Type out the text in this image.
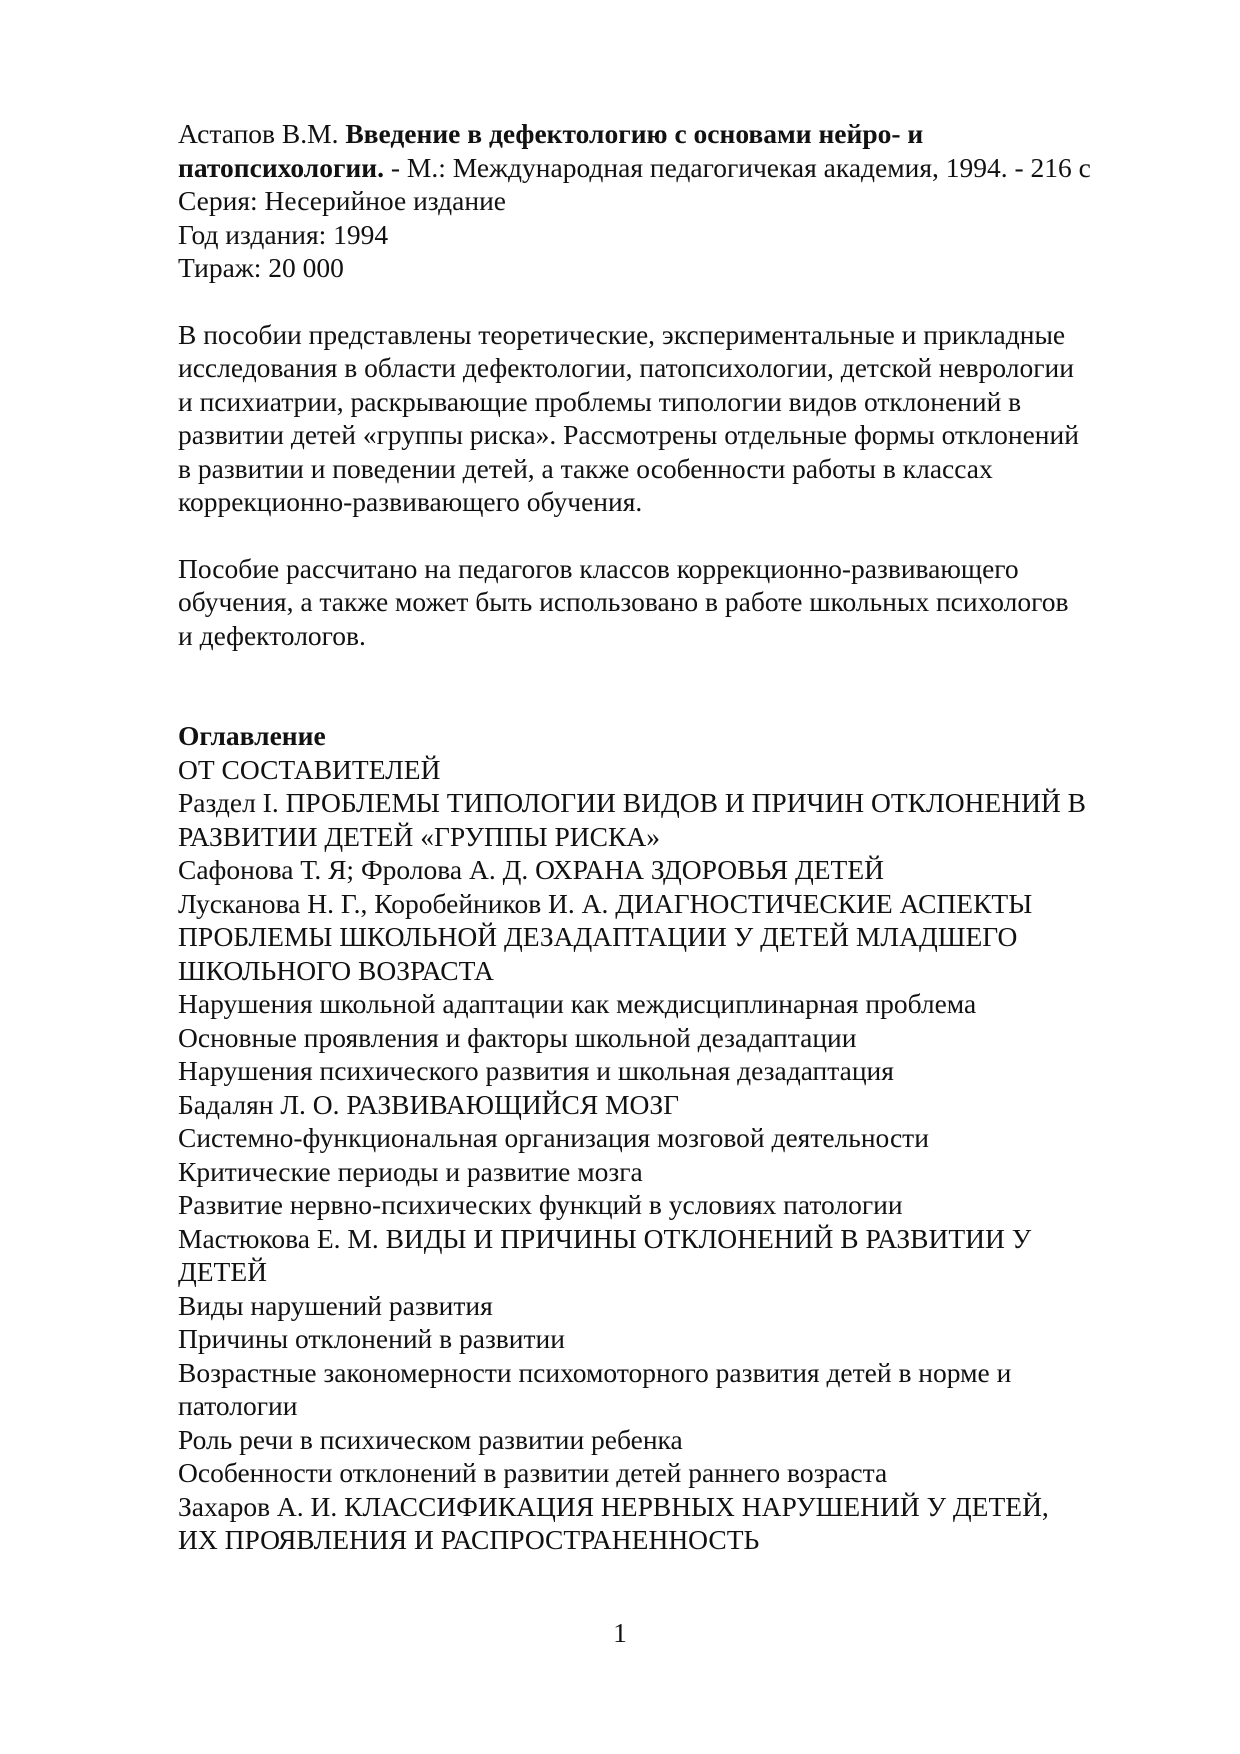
Астапов В.М. Введение в дефектологию с основами нейро- и
патопсихологии. - М.: Международная педагогичекая академия, 1994. - 216 с
Серия: Несерийное издание
Год издания: 1994
Тираж: 20 000
В пособии представлены теоретические, экспериментальные и прикладные
исследования в области дефектологии, патопсихологии, детской неврологии
и психиатрии, раскрывающие проблемы типологии видов отклонений в
развитии детей «группы риска». Рассмотрены отдельные формы отклонений
в развитии и поведении детей, а также особенности работы в классах
коррекционно-развивающего обучения.
Пособие рассчитано на педагогов классов коррекционно-развивающего
обучения, а также может быть использовано в работе школьных психологов
и дефектологов.
Оглавление
ОТ СОСТАВИТЕЛЕЙ
Раздел I. ПРОБЛЕМЫ ТИПОЛОГИИ ВИДОВ И ПРИЧИН ОТКЛОНЕНИЙ В
РАЗВИТИИ ДЕТЕЙ «ГРУППЫ РИСКА»
Сафонова Т. Я; Фролова А. Д. ОХРАНА ЗДОРОВЬЯ ДЕТЕЙ
Лусканова Н. Г., Коробейников И. А. ДИАГНОСТИЧЕСКИЕ АСПЕКТЫ
ПРОБЛЕМЫ ШКОЛЬНОЙ ДЕЗАДАПТАЦИИ У ДЕТЕЙ МЛАДШЕГО
ШКОЛЬНОГО ВОЗРАСТА
Нарушения школьной адаптации как междисциплинарная проблема
Основные проявления и факторы школьной дезадаптации
Нарушения психического развития и школьная дезадаптация
Бадалян Л. О. РАЗВИВАЮЩИЙСЯ МОЗГ
Системно-функциональная организация мозговой деятельности
Критические периоды и развитие мозга
Развитие нервно-психических функций в условиях патологии
Мастюкова Е. М. ВИДЫ И ПРИЧИНЫ ОТКЛОНЕНИЙ В РАЗВИТИИ У
ДЕТЕЙ
Виды нарушений развития
Причины отклонений в развитии
Возрастные закономерности психомоторного развития детей в норме и
патологии
Роль речи в психическом развитии ребенка
Особенности отклонений в развитии детей раннего возраста
Захаров А. И. КЛАССИФИКАЦИЯ НЕРВНЫХ НАРУШЕНИЙ У ДЕТЕЙ,
ИХ ПРОЯВЛЕНИЯ И РАСПРОСТРАНЕННОСТЬ
1
